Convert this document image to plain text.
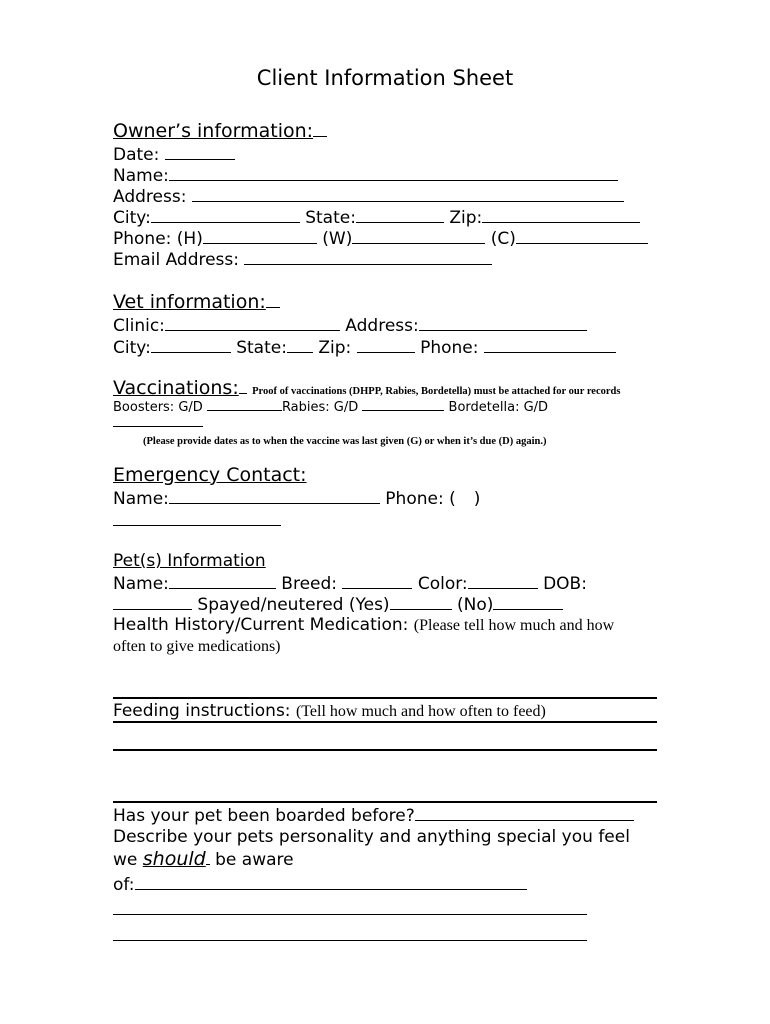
Client Information Sheet
Owner’s information:
Date:
Name:
Address:
City:	State:	Zip:
Phone: (H)	(W)	(C)
Email Address:
Vet information:
Clinic:	Address:
City:	State: Zip:	Phone:
Vaccinations: Proof of vaccinations (DHPP, Rabies, Bordetella) must be attached for our records
Boosters: G/D	Rabies: G/D	Bordetella: G/D
(Please provide dates as to when the vaccine was last given (G) or when it’s due (D) again.)
Emergency Contact:
Name:	Phone: ( )
Pet(s) Information
Name:	Breed:	Color:	DOB:
Spayed/neutered (Yes)	(No)
Health History/Current Medication: (Please tell how much and how
often to give medications)
Feeding instructions: (Tell how much and how often to feed)
Has your pet been boarded before?
Describe your pets personality and anything special you feel
we should be aware
of:
